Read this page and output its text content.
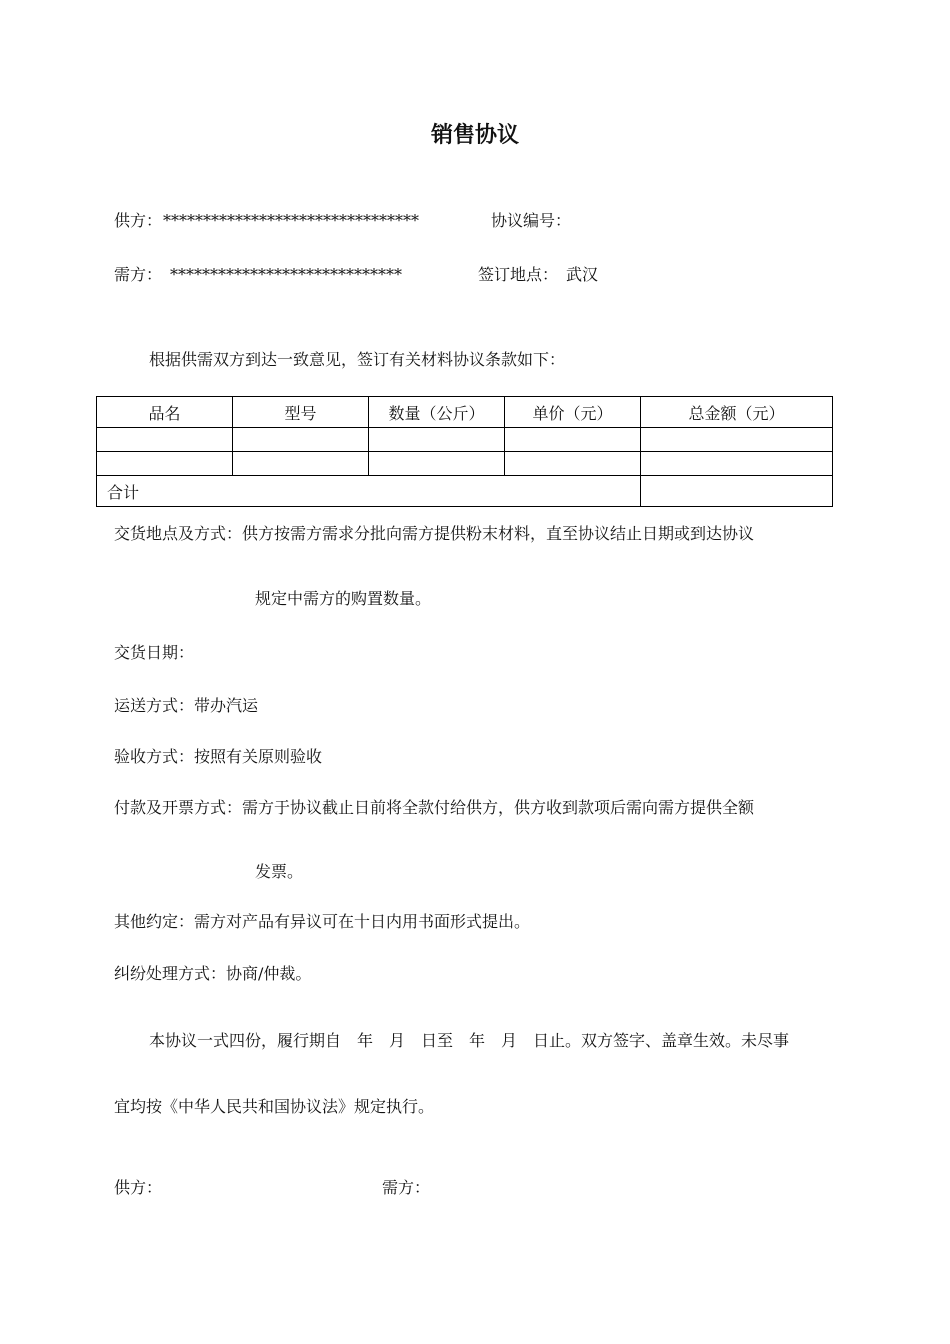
销售协议
供方： ********************************	协议编号：
需方： *****************************	签订地点： 武汉
根据供需双方到达一致意见，签订有关材料协议条款如下：
品名	型号	数量（公斤）	单价（元）	总金额（元）

合计				
交货地点及方式：供方按需方需求分批向需方提供粉末材料，直至协议结止日期或到达协议
规定中需方的购置数量。
交货日期：
运送方式：带办汽运
验收方式：按照有关原则验收
付款及开票方式：需方于协议截止日前将全款付给供方，供方收到款项后需向需方提供全额
发票。
其他约定：需方对产品有异议可在十日内用书面形式提出。
纠纷处理方式：协商/仲裁。
本协议一式四份，履行期自　年　月　日至　年　月　日止。双方签字、盖章生效。未尽事
宜均按《中华人民共和国协议法》规定执行。
供方：	需方：
